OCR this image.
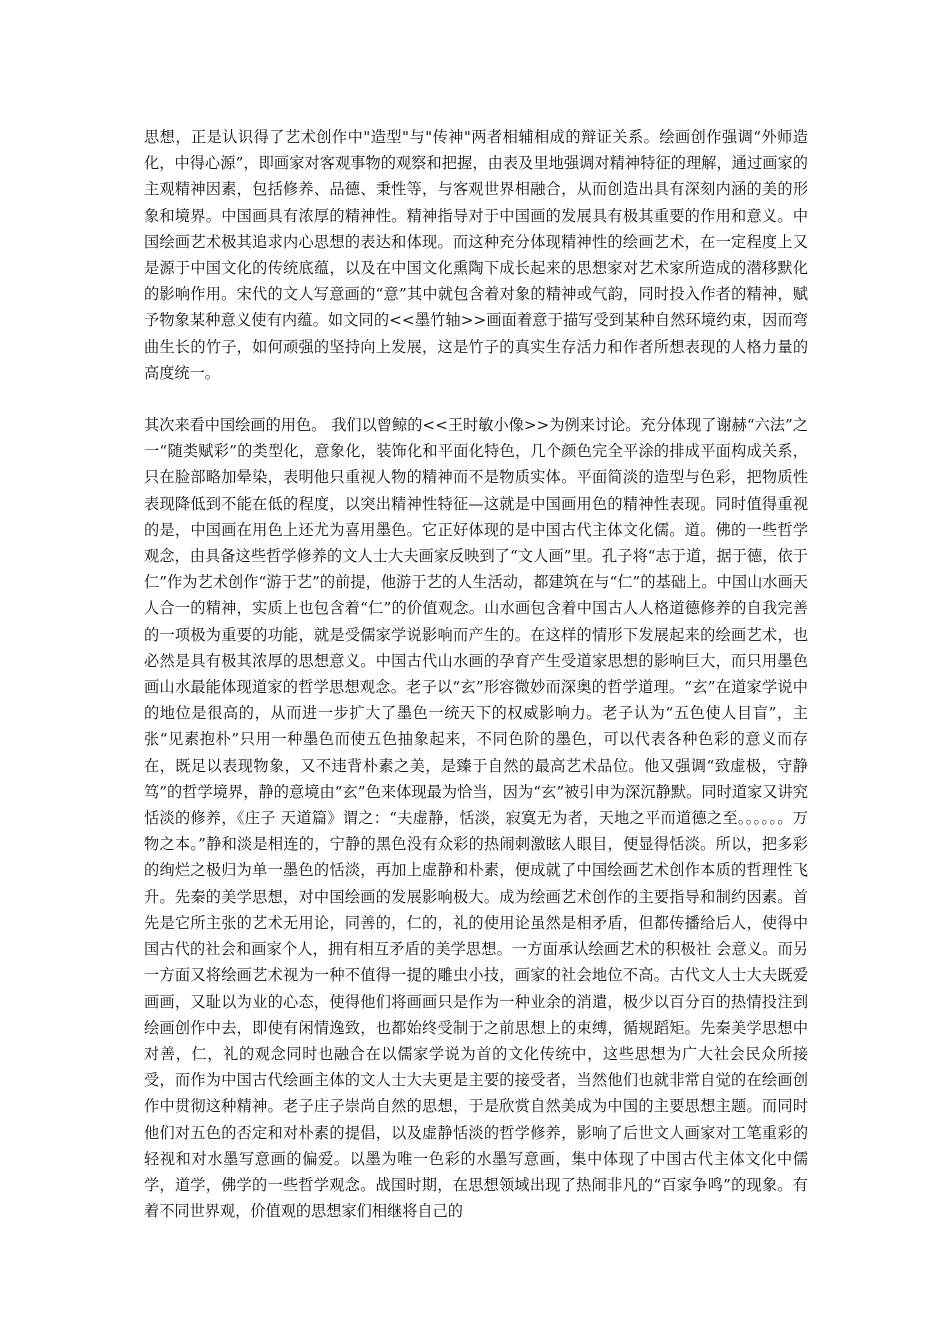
思想，正是认识得了艺术创作中"造型"与"传神"两者相辅相成的辩证关系。绘画创作强调“外师造化，中得心源”，即画家对客观事物的观察和把握，由表及里地强调对精神特征的理解，通过画家的主观精神因素，包括修养、品德、秉性等，与客观世界相融合，从而创造出具有深刻内涵的美的形象和境界。中国画具有浓厚的精神性。精神指导对于中国画的发展具有极其重要的作用和意义。中国绘画艺术极其追求内心思想的表达和体现。而这种充分体现精神性的绘画艺术，在一定程度上又是源于中国文化的传统底蕴，以及在中国文化熏陶下成长起来的思想家对艺术家所造成的潜移默化的影响作用。宋代的文人写意画的“意”其中就包含着对象的精神或气韵，同时投入作者的精神，赋予物象某种意义使有内蕴。如文同的<<墨竹轴>>画面着意于描写受到某种自然环境约束，因而弯曲生长的竹子，如何顽强的坚持向上发展，这是竹子的真实生存活力和作者所想表现的人格力量的高度统一。

其次来看中国绘画的用色。 我们以曾鲸的<<王时敏小像>>为例来讨论。充分体现了谢赫“六法”之一“随类赋彩”的类型化，意象化，装饰化和平面化特色，几个颜色完全平涂的排成平面构成关系，只在脸部略加晕染，表明他只重视人物的精神而不是物质实体。平面简淡的造型与色彩，把物质性表现降低到不能在低的程度，以突出精神性特征—这就是中国画用色的精神性表现。同时值得重视的是，中国画在用色上还尤为喜用墨色。它正好体现的是中国古代主体文化儒。道。佛的一些哲学观念，由具备这些哲学修养的文人士大夫画家反映到了“文人画”里。孔子将“志于道，据于德，依于仁”作为艺术创作“游于艺”的前提，他游于艺的人生活动，都建筑在与“仁”的基础上。中国山水画天人合一的精神，实质上也包含着“仁”的价值观念。山水画包含着中国古人人格道德修养的自我完善的一项极为重要的功能，就是受儒家学说影响而产生的。在这样的情形下发展起来的绘画艺术，也必然是具有极其浓厚的思想意义。中国古代山水画的孕育产生受道家思想的影响巨大，而只用墨色画山水最能体现道家的哲学思想观念。老子以“玄”形容微妙而深奥的哲学道理。“玄”在道家学说中的地位是很高的，从而进一步扩大了墨色一统天下的权威影响力。老子认为“五色使人目盲”，主张“见素抱朴”只用一种墨色而使五色抽象起来，不同色阶的墨色，可以代表各种色彩的意义而存在，既足以表现物象，又不违背朴素之美，是臻于自然的最高艺术品位。他又强调“致虚极，守静笃”的哲学境界，静的意境由“玄”色来体现最为恰当，因为“玄”被引申为深沉静默。同时道家又讲究恬淡的修养，《庄子 天道篇》谓之：“夫虚静，恬淡，寂寞无为者，天地之平而道德之至。。。。。。万物之本。”静和淡是相连的，宁静的黑色没有众彩的热闹刺激眩人眼目，便显得恬淡。所以，把多彩的绚烂之极归为单一墨色的恬淡，再加上虚静和朴素，便成就了中国绘画艺术创作本质的哲理性飞升。先秦的美学思想，对中国绘画的发展影响极大。成为绘画艺术创作的主要指导和制约因素。首先是它所主张的艺术无用论，同善的，仁的，礼的使用论虽然是相矛盾，但都传播给后人，使得中国古代的社会和画家个人，拥有相互矛盾的美学思想。一方面承认绘画艺术的积极社 会意义。而另一方面又将绘画艺术视为一种不值得一提的雕虫小技，画家的社会地位不高。古代文人士大夫既爱画画，又耻以为业的心态，使得他们将画画只是作为一种业余的消遣，极少以百分百的热情投注到绘画创作中去，即使有闲情逸致，也都始终受制于之前思想上的束缚，循规蹈矩。先秦美学思想中对善，仁，礼的观念同时也融合在以儒家学说为首的文化传统中，这些思想为广大社会民众所接受，而作为中国古代绘画主体的文人士大夫更是主要的接受者，当然他们也就非常自觉的在绘画创作中贯彻这种精神。老子庄子崇尚自然的思想，于是欣赏自然美成为中国的主要思想主题。而同时他们对五色的否定和对朴素的提倡，以及虚静恬淡的哲学修养，影响了后世文人画家对工笔重彩的轻视和对水墨写意画的偏爱。以墨为唯一色彩的水墨写意画，集中体现了中国古代主体文化中儒学，道学，佛学的一些哲学观念。战国时期，在思想领域出现了热闹非凡的“百家争鸣”的现象。有着不同世界观，价值观的思想家们相继将自己的
